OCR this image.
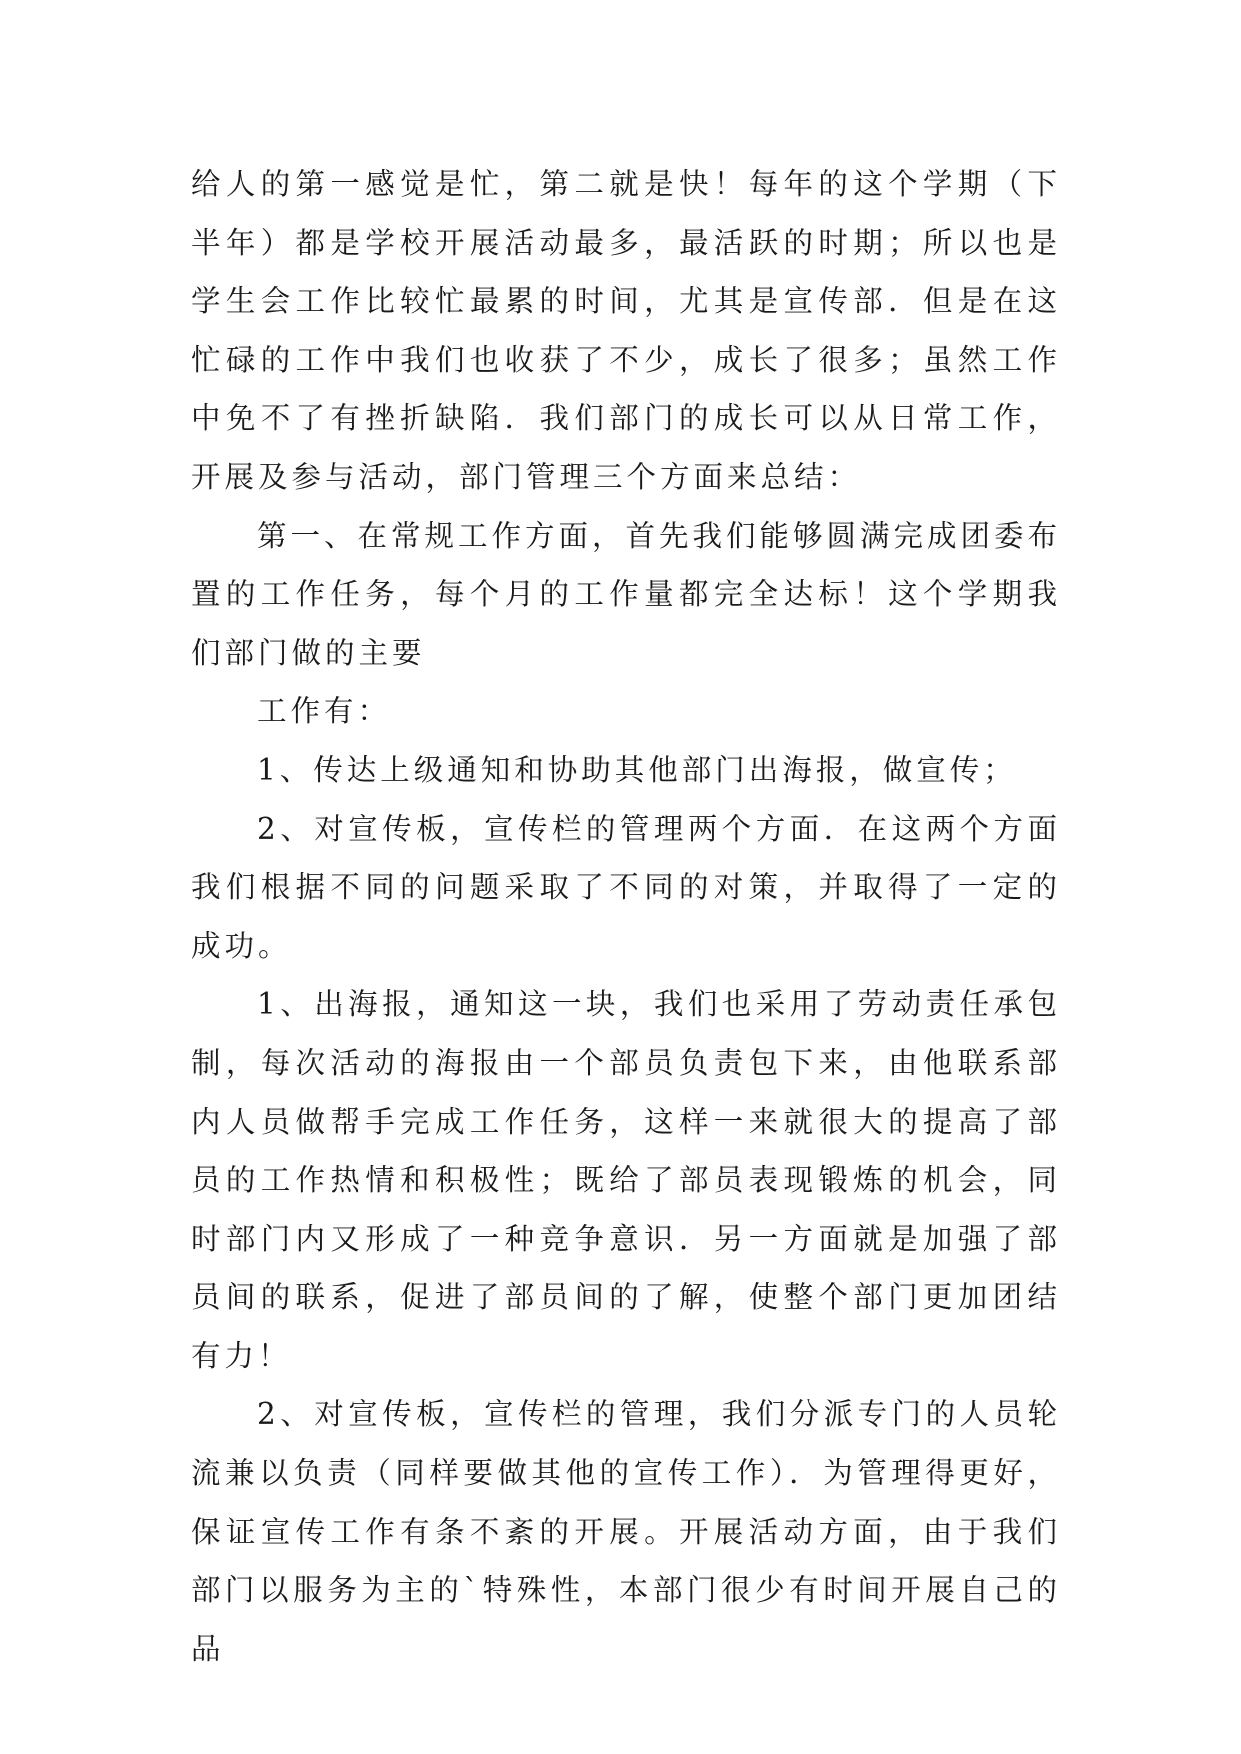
给人的第一感觉是忙，第二就是快！每年的这个学期（下半年）都是学校开展活动最多，最活跃的时期；所以也是学生会工作比较忙最累的时间，尤其是宣传部．但是在这忙碌的工作中我们也收获了不少，成长了很多；虽然工作中免不了有挫折缺陷．我们部门的成长可以从日常工作，开展及参与活动，部门管理三个方面来总结：

第一、在常规工作方面，首先我们能够圆满完成团委布置的工作任务，每个月的工作量都完全达标！这个学期我们部门做的主要

工作有：

1、传达上级通知和协助其他部门出海报，做宣传；

2、对宣传板，宣传栏的管理两个方面．在这两个方面我们根据不同的问题采取了不同的对策，并取得了一定的成功。

1、出海报，通知这一块，我们也采用了劳动责任承包制，每次活动的海报由一个部员负责包下来，由他联系部内人员做帮手完成工作任务，这样一来就很大的提高了部员的工作热情和积极性；既给了部员表现锻炼的机会，同时部门内又形成了一种竞争意识．另一方面就是加强了部员间的联系，促进了部员间的了解，使整个部门更加团结有力！

2、对宣传板，宣传栏的管理，我们分派专门的人员轮流兼以负责（同样要做其他的宣传工作）．为管理得更好，保证宣传工作有条不紊的开展。开展活动方面，由于我们部门以服务为主的`特殊性，本部门很少有时间开展自己的品
